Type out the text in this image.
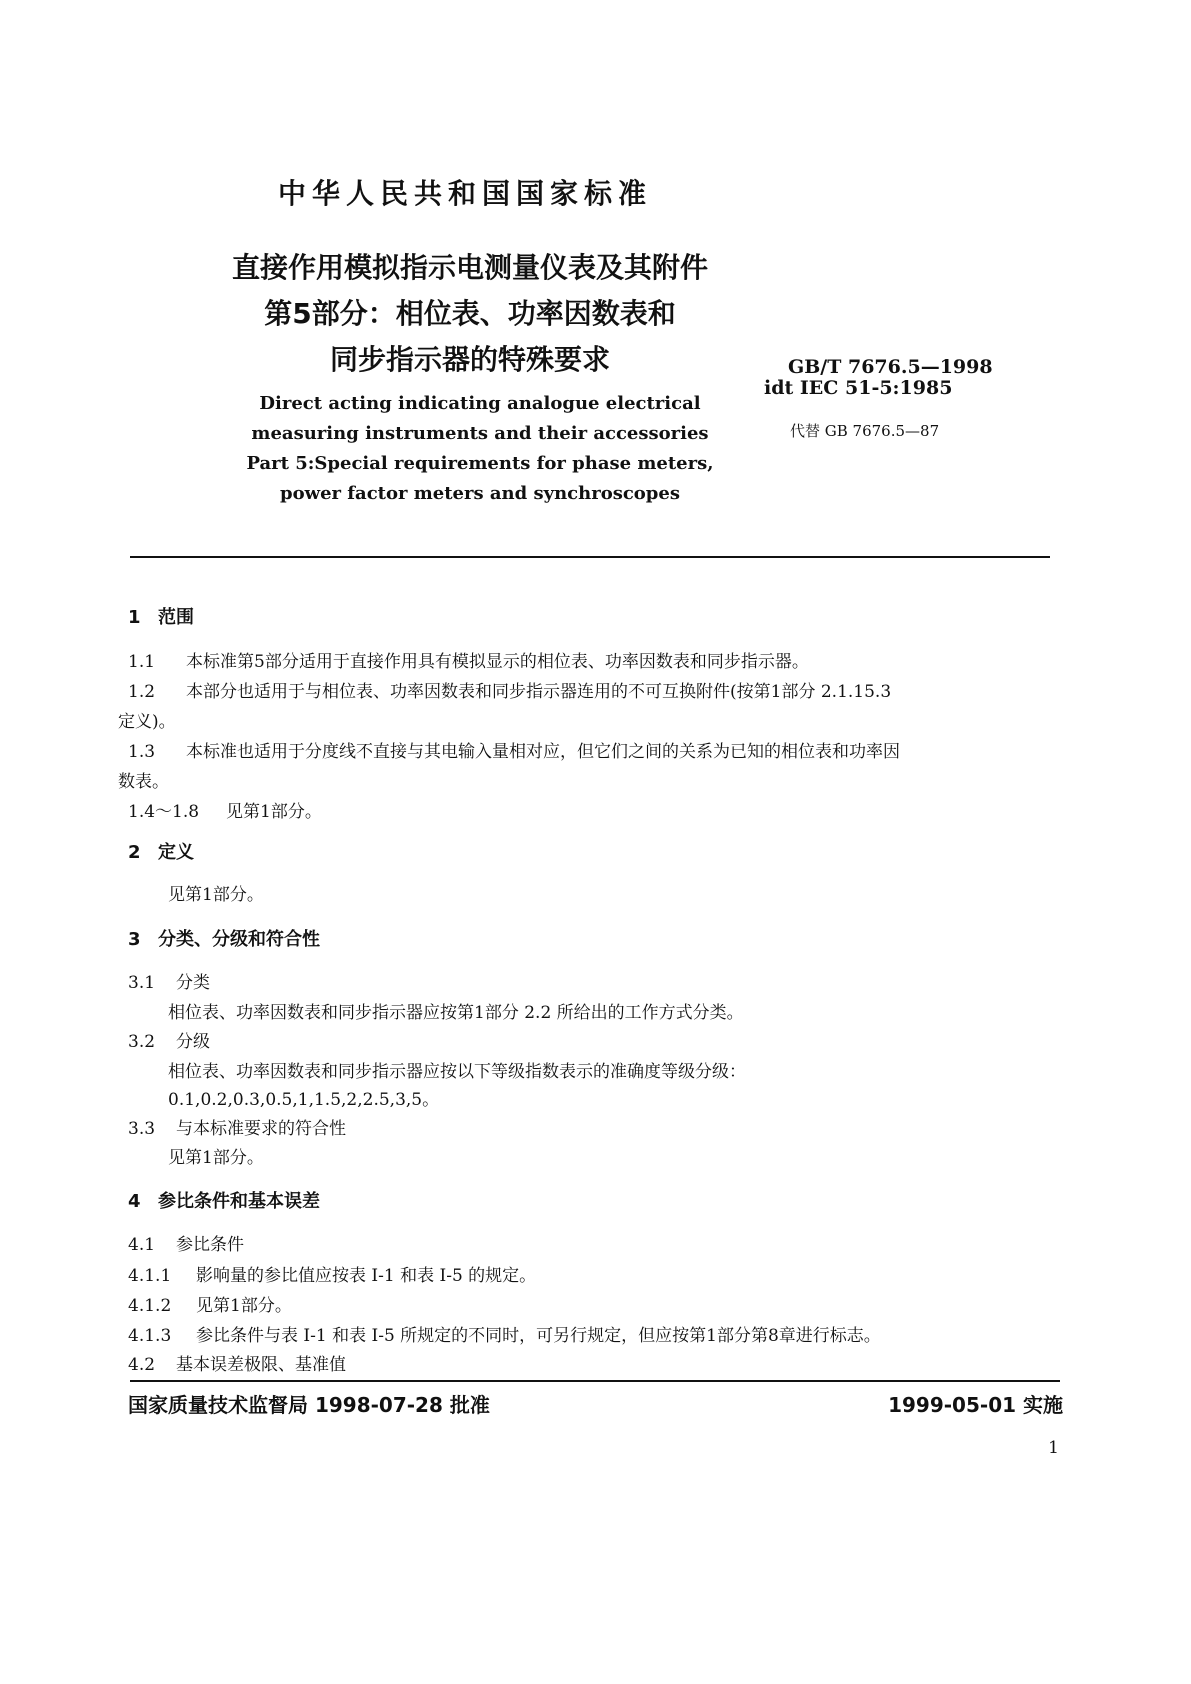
中华人民共和国国家标准
直接作用模拟指示电测量仪表及其附件
第5部分：相位表、功率因数表和
同步指示器的特殊要求
Direct acting indicating analogue electrical
measuring instruments and their accessories
Part 5:Special requirements for phase meters,
power factor meters and synchroscopes
GB/T 7676.5—1998
idt IEC 51-5:1985
代替 GB 7676.5—87
1 范围
1.1 本标准第5部分适用于直接作用具有模拟显示的相位表、功率因数表和同步指示器。
1.2 本部分也适用于与相位表、功率因数表和同步指示器连用的不可互换附件(按第1部分 2.1.15.3
定义)。
1.3 本标准也适用于分度线不直接与其电输入量相对应，但它们之间的关系为已知的相位表和功率因
数表。
1.4～1.8 见第1部分。
2 定义
见第1部分。
3 分类、分级和符合性
3.1 分类
相位表、功率因数表和同步指示器应按第1部分 2.2 所给出的工作方式分类。
3.2 分级
相位表、功率因数表和同步指示器应按以下等级指数表示的准确度等级分级：
0.1,0.2,0.3,0.5,1,1.5,2,2.5,3,5。
3.3 与本标准要求的符合性
见第1部分。
4 参比条件和基本误差
4.1 参比条件
4.1.1 影响量的参比值应按表 I-1 和表 I-5 的规定。
4.1.2 见第1部分。
4.1.3 参比条件与表 I-1 和表 I-5 所规定的不同时，可另行规定，但应按第1部分第8章进行标志。
4.2 基本误差极限、基准值
国家质量技术监督局 1998-07-28 批准	1999-05-01 实施
1
